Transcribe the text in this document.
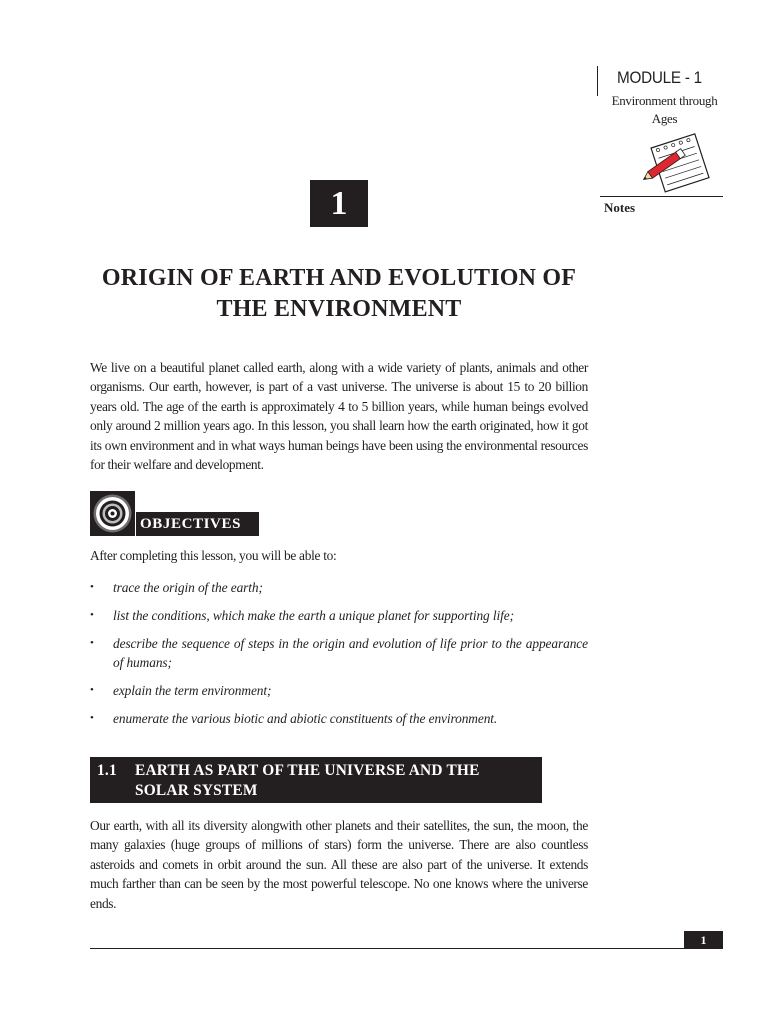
MODULE - 1
Environment through
Ages
Notes
1
ORIGIN OF EARTH AND EVOLUTION OF
THE ENVIRONMENT

We live on a beautiful planet called earth, along with a wide variety of plants, animals and other organisms. Our earth, however, is part of a vast universe. The universe is about 15 to 20 billion years old. The age of the earth is approximately 4 to 5 billion years, while human beings evolved only around 2 million years ago. In this lesson, you shall learn how the earth originated, how it got its own environment and in what ways human beings have been using the environmental resources for their welfare and development.

OBJECTIVES

After completing this lesson, you will be able to:

• trace the origin of the earth;
• list the conditions, which make the earth a unique planet for supporting life;
• describe the sequence of steps in the origin and evolution of life prior to the appearance of humans;
• explain the term environment;
• enumerate the various biotic and abiotic constituents of the environment.
1.1 EARTH AS PART OF THE UNIVERSE AND THE
SOLAR SYSTEM

Our earth, with all its diversity alongwith other planets and their satellites, the sun, the moon, the many galaxies (huge groups of millions of stars) form the universe. There are also countless asteroids and comets in orbit around the sun. All these are also part of the universe. It extends much farther than can be seen by the most powerful telescope. No one knows where the universe ends.

1
